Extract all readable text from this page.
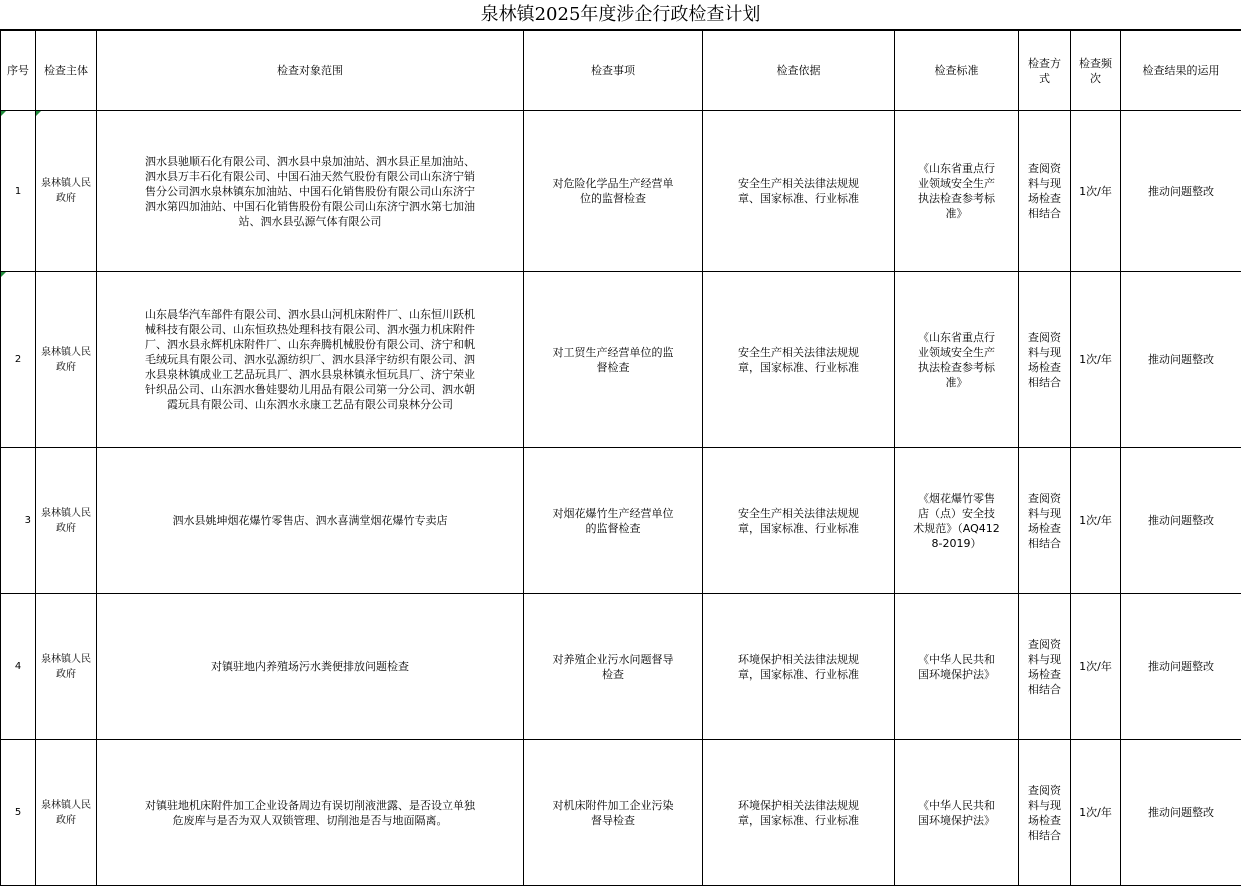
泉林镇2025年度涉企行政检查计划
序号	检查主体	检查对象范围	检查事项	检查依据	检查标准	检查方式	检查频次	检查结果的运用
1	泉林镇人民政府	泗水县驰顺石化有限公司、泗水县中泉加油站、泗水县正星加油站、泗水县万丰石化有限公司、中国石油天然气股份有限公司山东济宁销售分公司泗水泉林镇东加油站、中国石化销售股份有限公司山东济宁泗水第四加油站、中国石化销售股份有限公司山东济宁泗水第七加油站、泗水县弘源气体有限公司	对危险化学品生产经营单位的监督检查	安全生产相关法律法规规章、国家标准、行业标准	《山东省重点行业领域安全生产执法检查参考标准》	查阅资料与现场检查相结合	1次/年	推动问题整改
2	泉林镇人民政府	山东晨华汽车部件有限公司、泗水县山河机床附件厂、山东恒川跃机械科技有限公司、山东恒玖热处理科技有限公司、泗水强力机床附件厂、泗水县永辉机床附件厂、山东奔腾机械股份有限公司、济宁和帆毛绒玩具有限公司、泗水弘源纺织厂、泗水县泽宇纺织有限公司、泗水县泉林镇成业工艺品玩具厂、泗水县泉林镇永恒玩具厂、济宁荣业针织品公司、山东泗水鲁娃婴幼儿用品有限公司第一分公司、泗水朝霞玩具有限公司、山东泗水永康工艺品有限公司泉林分公司	对工贸生产经营单位的监督检查	安全生产相关法律法规规章，国家标准、行业标准	《山东省重点行业领域安全生产执法检查参考标准》	查阅资料与现场检查相结合	1次/年	推动问题整改
3	泉林镇人民政府	泗水县姚坤烟花爆竹零售店、泗水喜满堂烟花爆竹专卖店	对烟花爆竹生产经营单位的监督检查	安全生产相关法律法规规章，国家标准、行业标准	《烟花爆竹零售店（点）安全技术规范》（AQ4128-2019）	查阅资料与现场检查相结合	1次/年	推动问题整改
4	泉林镇人民政府	对镇驻地内养殖场污水粪便排放问题检查	对养殖企业污水问题督导检查	环境保护相关法律法规规章，国家标准、行业标准	《中华人民共和国环境保护法》	查阅资料与现场检查相结合	1次/年	推动问题整改
5	泉林镇人民政府	对镇驻地机床附件加工企业设备周边有误切削液泄露、是否设立单独危废库与是否为双人双锁管理、切削池是否与地面隔离。	对机床附件加工企业污染督导检查	环境保护相关法律法规规章，国家标准、行业标准	《中华人民共和国环境保护法》	查阅资料与现场检查相结合	1次/年	推动问题整改
